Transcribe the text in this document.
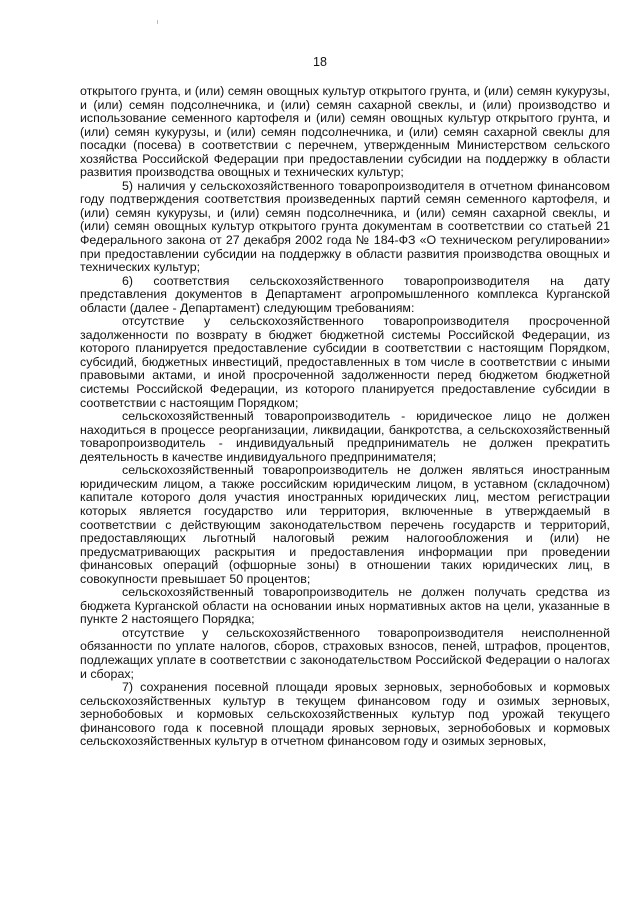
18

открытого грунта, и (или) семян овощных культур открытого грунта, и (или) семян кукурузы, и (или) семян подсолнечника, и (или) семян сахарной свеклы, и (или) производство и использование семенного картофеля и (или) семян овощных культур открытого грунта, и (или) семян кукурузы, и (или) семян подсолнечника, и (или) семян сахарной свеклы для посадки (посева) в соответствии с перечнем, утвержденным Министерством сельского хозяйства Российской Федерации при предоставлении субсидии на поддержку в области развития производства овощных и технических культур;

5) наличия у сельскохозяйственного товаропроизводителя в отчетном финансовом году подтверждения соответствия произведенных партий семян семенного картофеля, и (или) семян кукурузы, и (или) семян подсолнечника, и (или) семян сахарной свеклы, и (или) семян овощных культур открытого грунта документам в соответствии со статьей 21 Федерального закона от 27 декабря 2002 года № 184-ФЗ «О техническом регулировании» при предоставлении субсидии на поддержку в области развития производства овощных и технических культур;

6) соответствия сельскохозяйственного товаропроизводителя на дату представления документов в Департамент агропромышленного комплекса Курганской области (далее - Департамент) следующим требованиям:

отсутствие у сельскохозяйственного товаропроизводителя просроченной задолженности по возврату в бюджет бюджетной системы Российской Федерации, из которого планируется предоставление субсидии в соответствии с настоящим Порядком, субсидий, бюджетных инвестиций, предоставленных в том числе в соответствии с иными правовыми актами, и иной просроченной задолженности перед бюджетом бюджетной системы Российской Федерации, из которого планируется предоставление субсидии в соответствии с настоящим Порядком;

сельскохозяйственный товаропроизводитель - юридическое лицо не должен находиться в процессе реорганизации, ликвидации, банкротства, а сельскохозяйственный товаропроизводитель - индивидуальный предприниматель не должен прекратить деятельность в качестве индивидуального предпринимателя;

сельскохозяйственный товаропроизводитель не должен являться иностранным юридическим лицом, а также российским юридическим лицом, в уставном (складочном) капитале которого доля участия иностранных юридических лиц, местом регистрации которых является государство или территория, включенные в утверждаемый в соответствии с действующим законодательством перечень государств и территорий, предоставляющих льготный налоговый режим налогообложения и (или) не предусматривающих раскрытия и предоставления информации при проведении финансовых операций (офшорные зоны) в отношении таких юридических лиц, в совокупности превышает 50 процентов;

сельскохозяйственный товаропроизводитель не должен получать средства из бюджета Курганской области на основании иных нормативных актов на цели, указанные в пункте 2 настоящего Порядка;

отсутствие у сельскохозяйственного товаропроизводителя неисполненной обязанности по уплате налогов, сборов, страховых взносов, пеней, штрафов, процентов, подлежащих уплате в соответствии с законодательством Российской Федерации о налогах и сборах;

7) сохранения посевной площади яровых зерновых, зернобобовых и кормовых сельскохозяйственных культур в текущем финансовом году и озимых зерновых, зернобобовых и кормовых сельскохозяйственных культур под урожай текущего финансового года к посевной площади яровых зерновых, зернобобовых и кормовых сельскохозяйственных культур в отчетном финансовом году и озимых зерновых,
